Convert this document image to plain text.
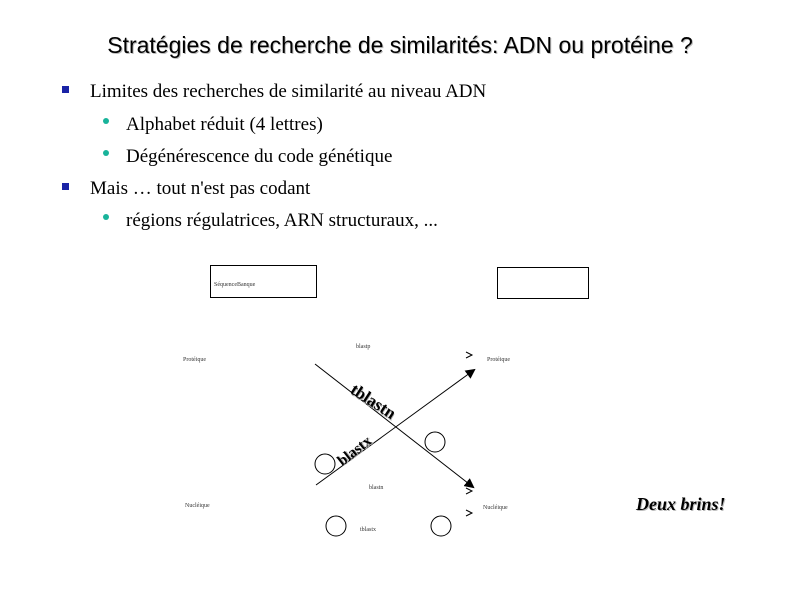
Stratégies de recherche de similarités: ADN ou protéine ?
Limites des recherches de similarité au niveau ADN
Alphabet réduit (4 lettres)
Dégénérescence du code génétique
Mais … tout n'est pas codant
régions régulatrices, ARN structuraux, ...
SéquenceBanque
Protéique	Protéique
Nucléique	Nucléique
blastp
blastn
tblastx
tblastn
blastx
Deux brins!
